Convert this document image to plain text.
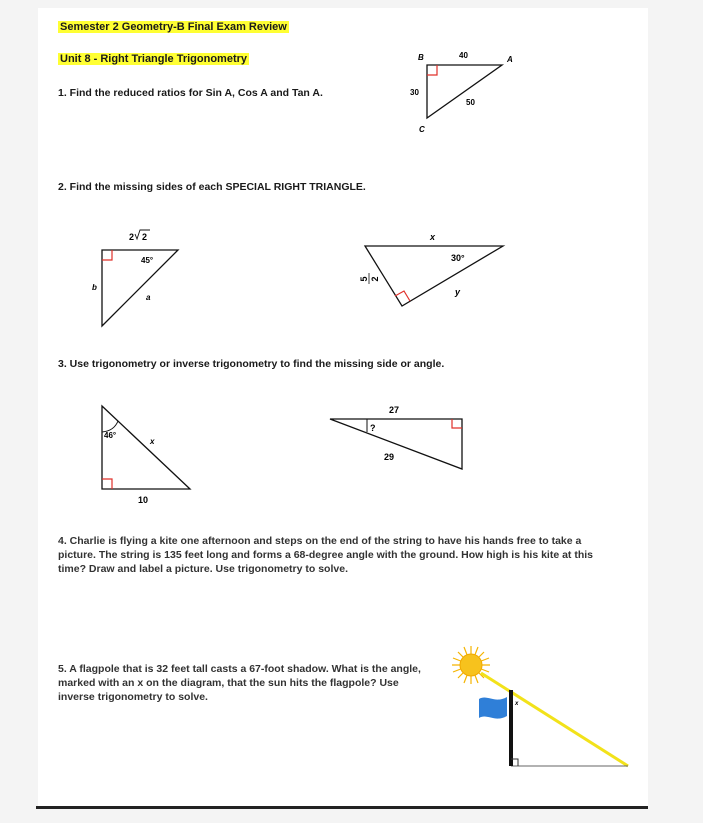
Semester 2 Geometry-B Final Exam Review
Unit 8 - Right Triangle Trigonometry
1. Find the reduced ratios for Sin A, Cos A and Tan A.
B	A
C
40
30
50
2. Find the missing sides of each SPECIAL RIGHT TRIANGLE.
2 2
45°
b
a
x
30°
y
5 2
3. Use trigonometry or inverse trigonometry to find the missing side or angle.
46°
x
10
27
?
29
4. Charlie is flying a kite one afternoon and steps on the end of the string to have his hands free to take a picture. The string is 135 feet long and forms a 68-degree angle with the ground. How high is his kite at this time? Draw and label a picture. Use trigonometry to solve.
5. A flagpole that is 32 feet tall casts a 67-foot shadow. What is the angle, marked with an x on the diagram, that the sun hits the flagpole? Use inverse trigonometry to solve.
x
